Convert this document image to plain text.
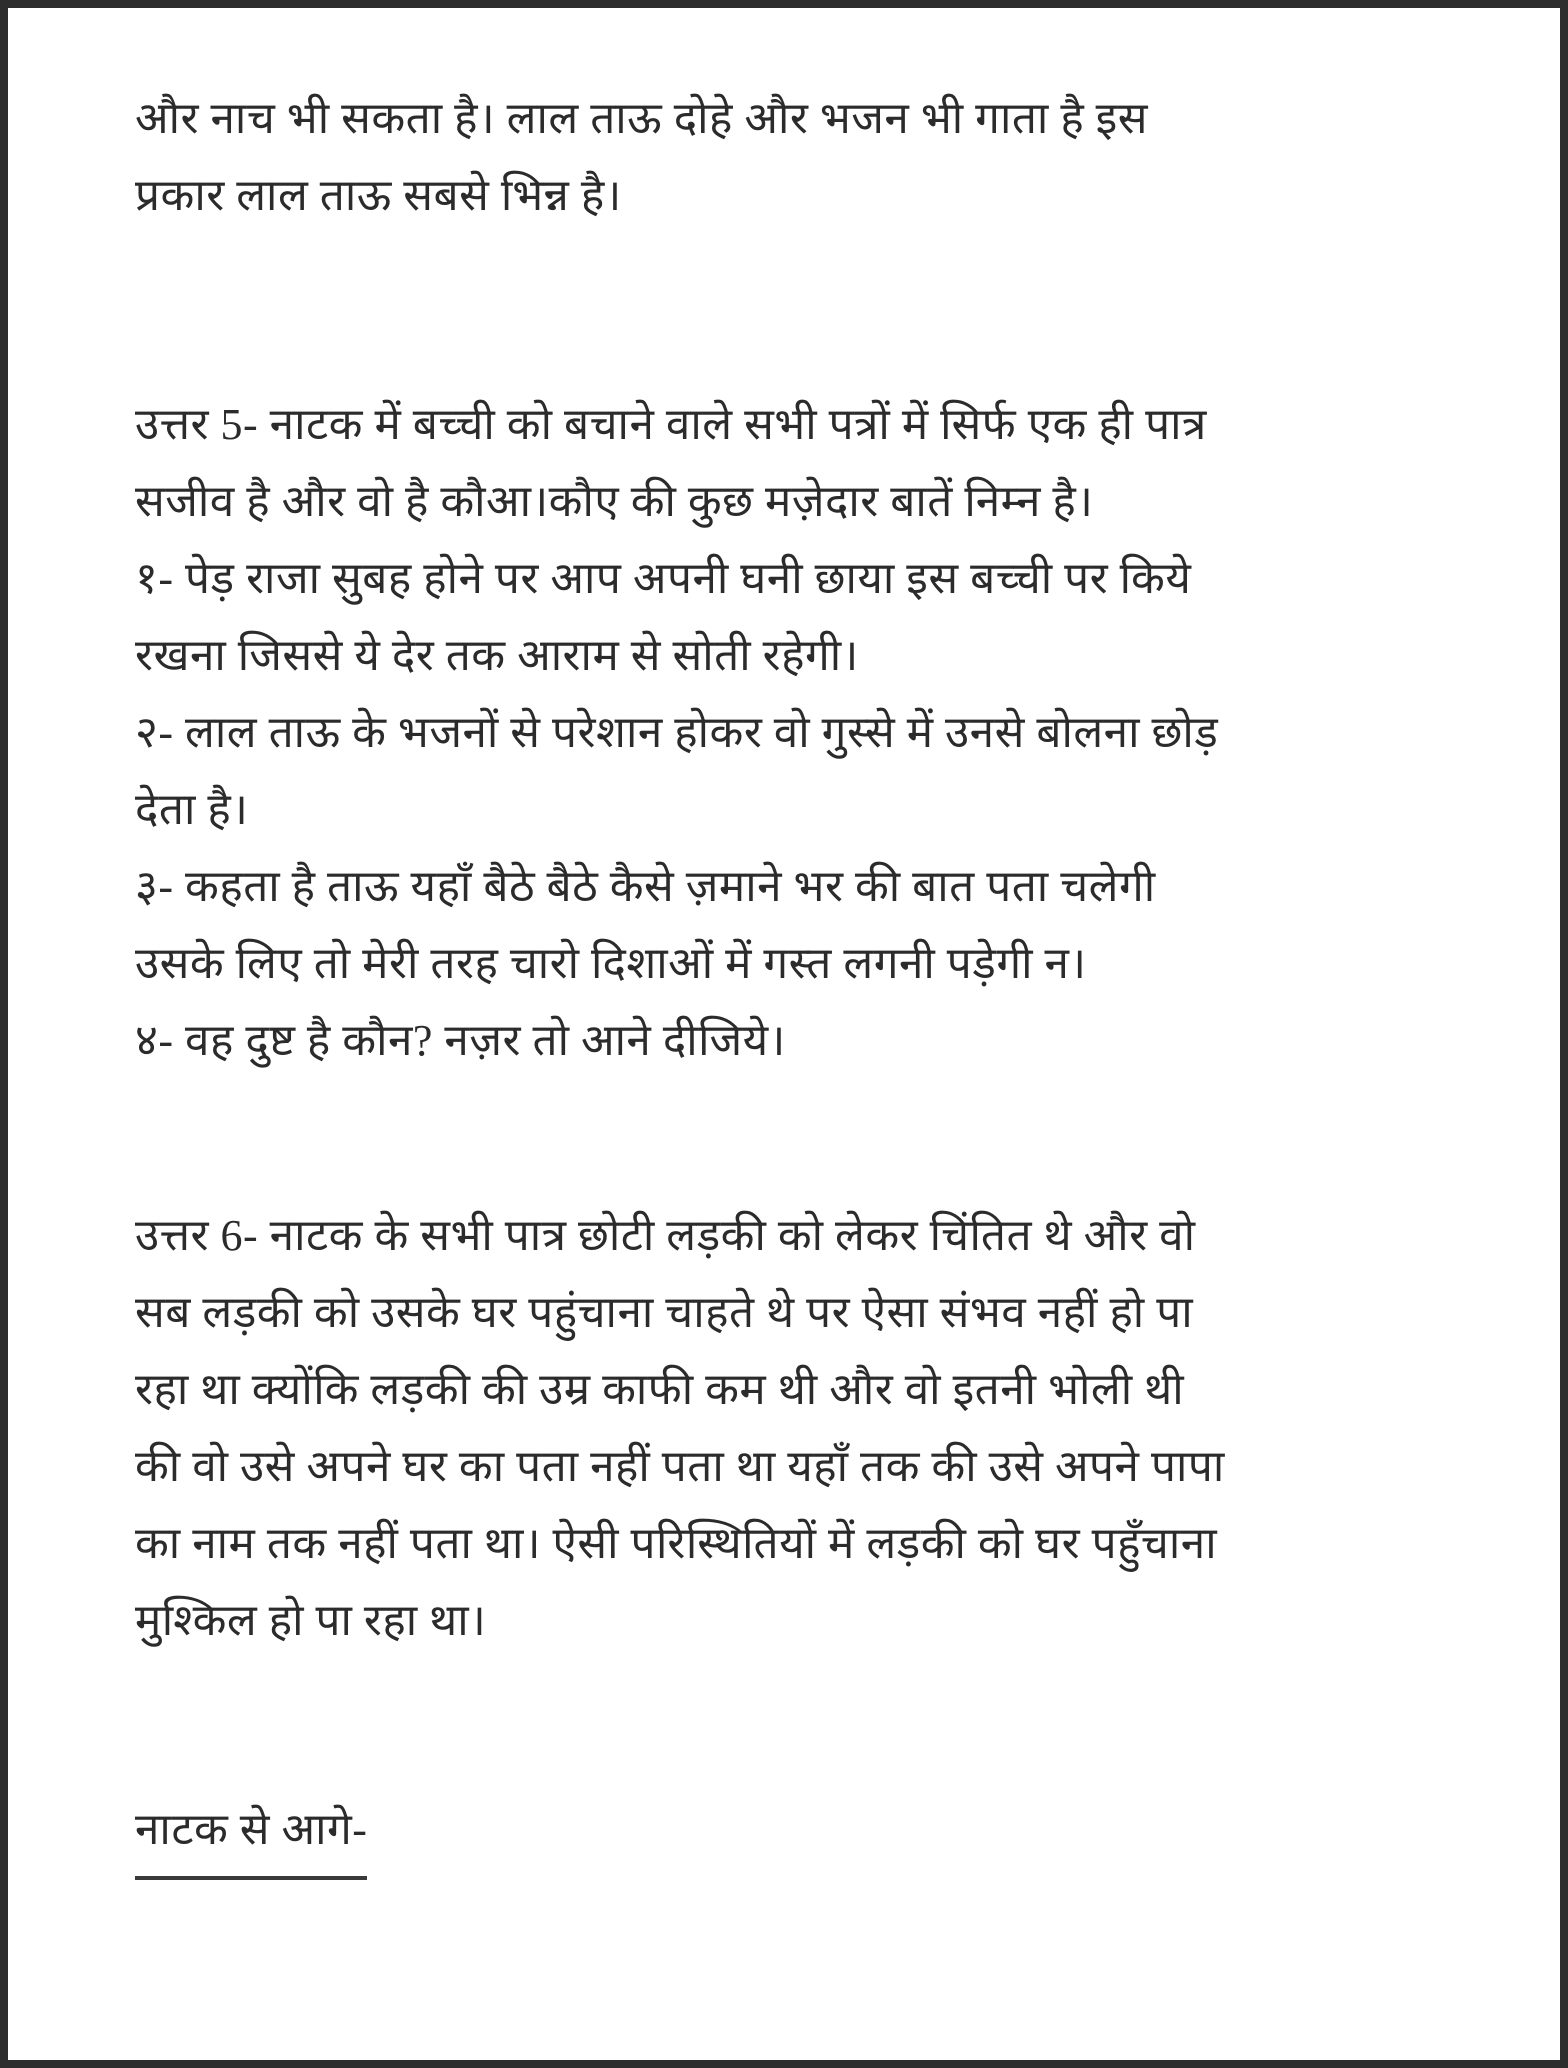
और नाच भी सकता है। लाल ताऊ दोहे और भजन भी गाता है इस
प्रकार लाल ताऊ सबसे भिन्न है।
उत्तर 5- नाटक में बच्ची को बचाने वाले सभी पत्रों में सिर्फ एक ही पात्र
सजीव है और वो है कौआ।कौए की कुछ मज़ेदार बातें निम्न है।
१- पेड़ राजा सुबह होने पर आप अपनी घनी छाया इस बच्ची पर किये
रखना जिससे ये देर तक आराम से सोती रहेगी।
२- लाल ताऊ के भजनों से परेशान होकर वो गुस्से में उनसे बोलना छोड़
देता है।
३- कहता है ताऊ यहाँ बैठे बैठे कैसे ज़माने भर की बात पता चलेगी
उसके लिए तो मेरी तरह चारो दिशाओं में गस्त लगनी पड़ेगी न।
४- वह दुष्ट है कौन? नज़र तो आने दीजिये।
उत्तर 6- नाटक के सभी पात्र छोटी लड़की को लेकर चिंतित थे और वो
सब लड़की को उसके घर पहुंचाना चाहते थे पर ऐसा संभव नहीं हो पा
रहा था क्योंकि लड़की की उम्र काफी कम थी और वो इतनी भोली थी
की वो उसे अपने घर का पता नहीं पता था यहाँ तक की उसे अपने पापा
का नाम तक नहीं पता था। ऐसी परिस्थितियों में लड़की को घर पहुँचाना
मुश्किल हो पा रहा था।
नाटक से आगे-
